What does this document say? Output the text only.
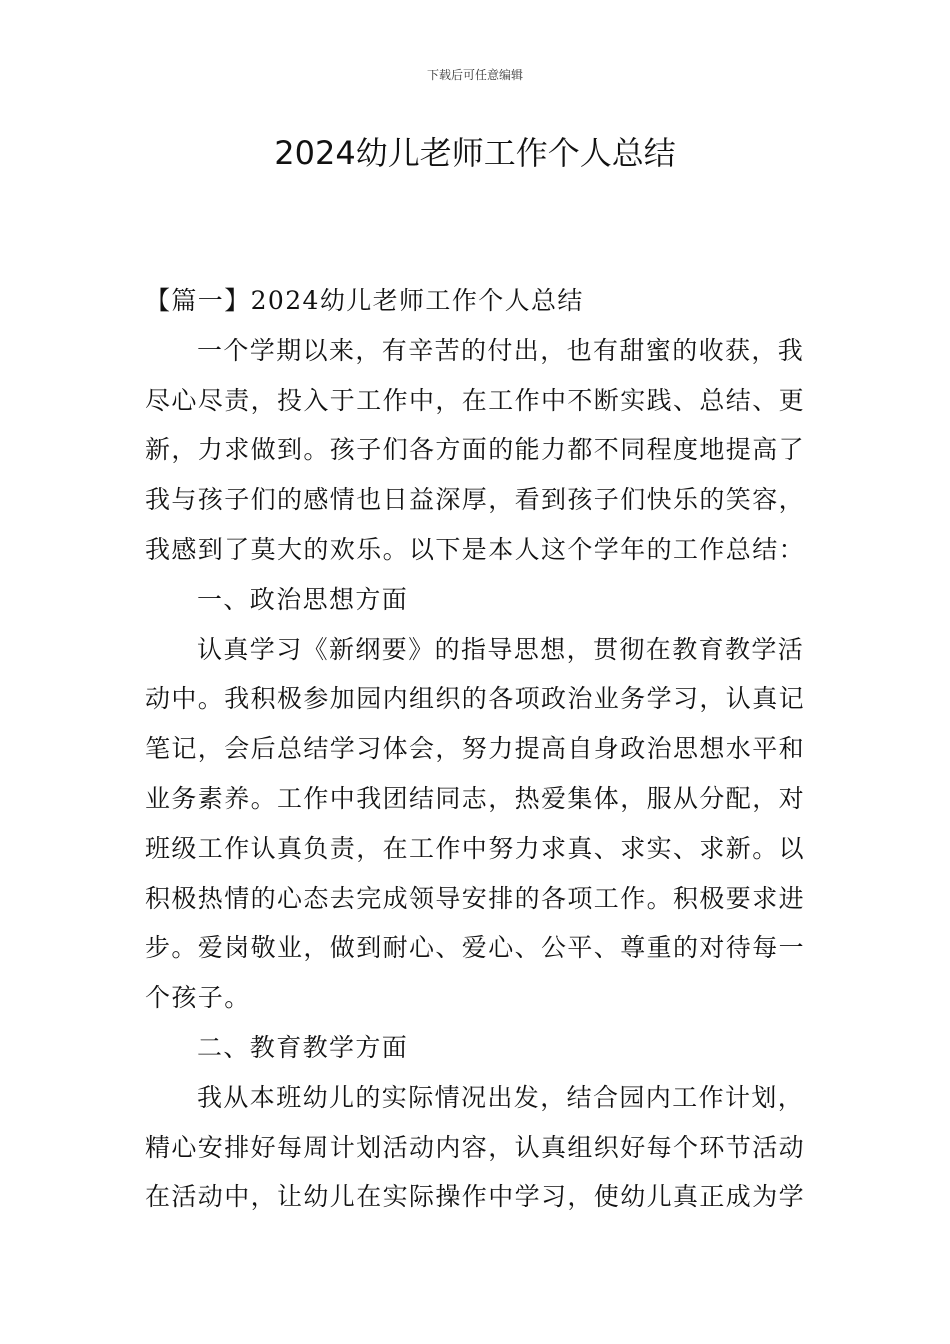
下载后可任意编辑
2024幼儿老师工作个人总结
【篇一】2024幼儿老师工作个人总结
一个学期以来，有辛苦的付出，也有甜蜜的收获，我
尽心尽责，投入于工作中，在工作中不断实践、总结、更
新，力求做到。孩子们各方面的能力都不同程度地提高了
我与孩子们的感情也日益深厚，看到孩子们快乐的笑容，
我感到了莫大的欢乐。以下是本人这个学年的工作总结：
一、政治思想方面
认真学习《新纲要》的指导思想，贯彻在教育教学活
动中。我积极参加园内组织的各项政治业务学习，认真记
笔记，会后总结学习体会，努力提高自身政治思想水平和
业务素养。工作中我团结同志，热爱集体，服从分配，对
班级工作认真负责，在工作中努力求真、求实、求新。以
积极热情的心态去完成领导安排的各项工作。积极要求进
步。爱岗敬业，做到耐心、爱心、公平、尊重的对待每一
个孩子。
二、教育教学方面
我从本班幼儿的实际情况出发，结合园内工作计划，
精心安排好每周计划活动内容，认真组织好每个环节活动
在活动中，让幼儿在实际操作中学习，使幼儿真正成为学
